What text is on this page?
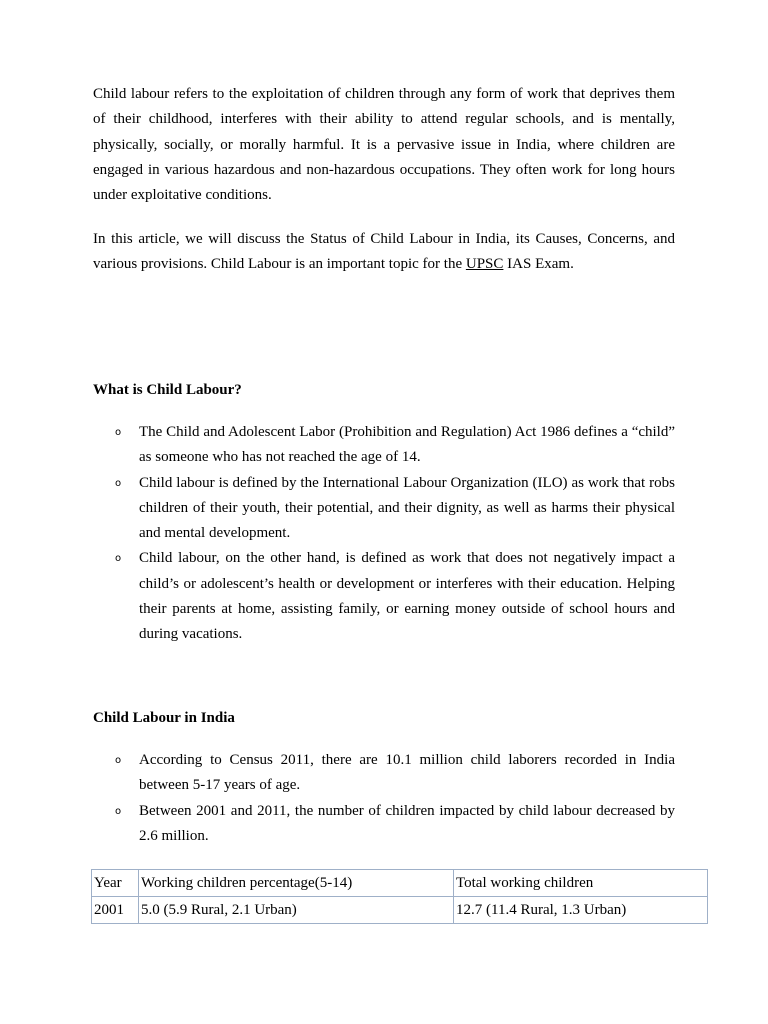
Child labour refers to the exploitation of children through any form of work that deprives them of their childhood, interferes with their ability to attend regular schools, and is mentally, physically, socially, or morally harmful. It is a pervasive issue in India, where children are engaged in various hazardous and non-hazardous occupations. They often work for long hours under exploitative conditions.

In this article, we will discuss the Status of Child Labour in India, its Causes, Concerns, and various provisions. Child Labour is an important topic for the UPSC IAS Exam.

What is Child Labour?
o The Child and Adolescent Labor (Prohibition and Regulation) Act 1986 defines a “child” as someone who has not reached the age of 14.
o Child labour is defined by the International Labour Organization (ILO) as work that robs children of their youth, their potential, and their dignity, as well as harms their physical and mental development.
o Child labour, on the other hand, is defined as work that does not negatively impact a child’s or adolescent’s health or development or interferes with their education. Helping their parents at home, assisting family, or earning money outside of school hours and during vacations.
Child Labour in India
o According to Census 2011, there are 10.1 million child laborers recorded in India between 5-17 years of age.
o Between 2001 and 2011, the number of children impacted by child labour decreased by 2.6 million.
Year	Working children percentage(5-14)	Total working children
2001	5.0 (5.9 Rural, 2.1 Urban)	12.7 (11.4 Rural, 1.3 Urban)
